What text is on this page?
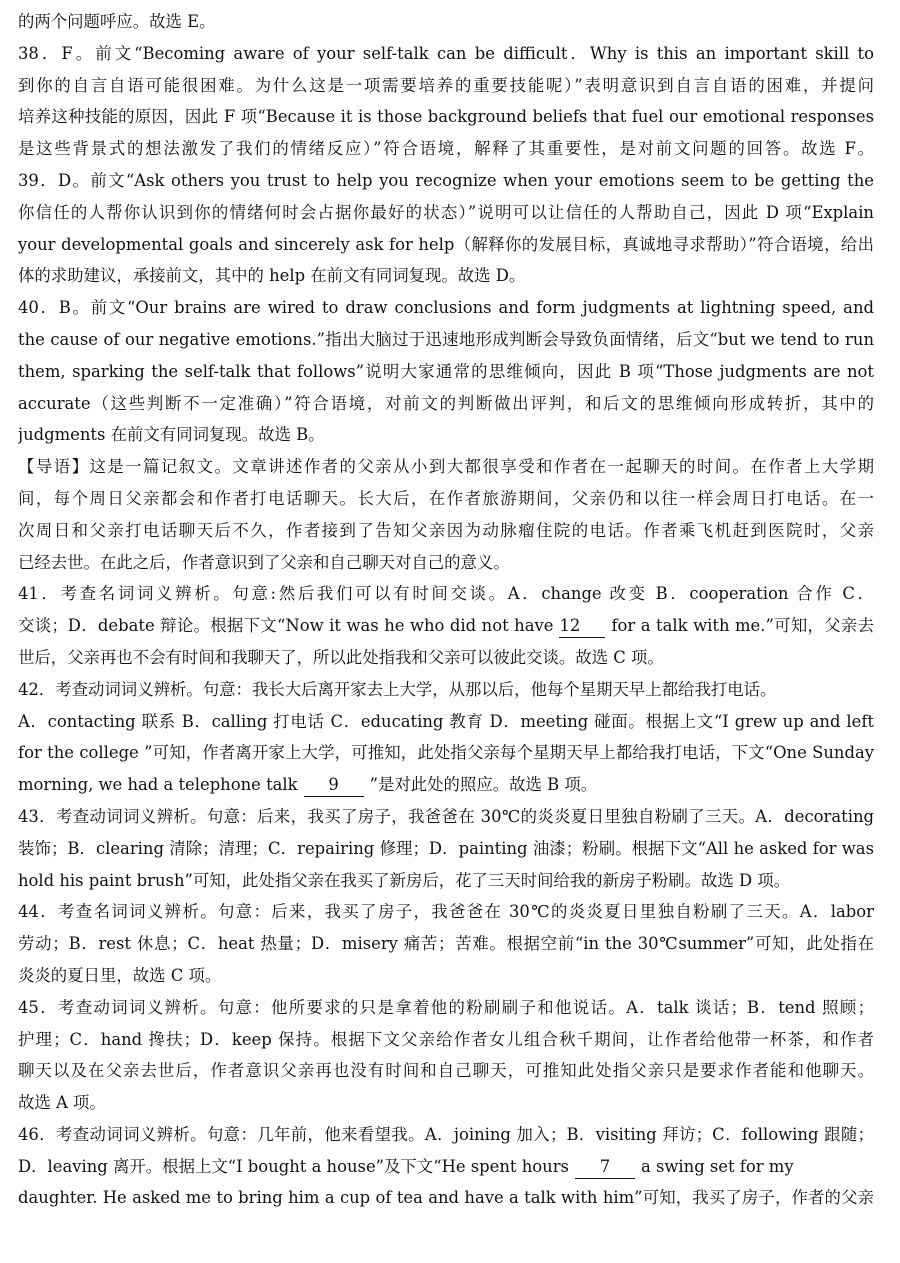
的两个问题呼应。故选 E。
38．F。前文“Becoming aware of your self-talk can be difficult．Why is this an important skill to
到你的自言自语可能很困难。为什么这是一项需要培养的重要技能呢）”表明意识到自言自语的困难，并提问
培养这种技能的原因，因此 F 项“Because it is those background beliefs that fuel our emotional responses
是这些背景式的想法激发了我们的情绪反应）”符合语境，解释了其重要性，是对前文问题的回答。故选 F。
39．D。前文“Ask others you trust to help you recognize when your emotions seem to be getting the
你信任的人帮你认识到你的情绪何时会占据你最好的状态）”说明可以让信任的人帮助自己，因此 D 项“Explain
your developmental goals and sincerely ask for help（解释你的发展目标，真诚地寻求帮助）”符合语境，给出
体的求助建议，承接前文，其中的 help 在前文有同词复现。故选 D。
40．B。前文“Our brains are wired to draw conclusions and form judgments at lightning speed, and
the cause of our negative emotions.”指出大脑过于迅速地形成判断会导致负面情绪，后文“but we tend to run
them, sparking the self-talk that follows”说明大家通常的思维倾向，因此 B 项“Those judgments are not
accurate（这些判断不一定准确）”符合语境，对前文的判断做出评判，和后文的思维倾向形成转折，其中的
judgments 在前文有同词复现。故选 B。
【导语】这是一篇记叙文。文章讲述作者的父亲从小到大都很享受和作者在一起聊天的时间。在作者上大学期
间，每个周日父亲都会和作者打电话聊天。长大后，在作者旅游期间，父亲仍和以往一样会周日打电话。在一
次周日和父亲打电话聊天后不久，作者接到了告知父亲因为动脉瘤住院的电话。作者乘飞机赶到医院时，父亲
已经去世。在此之后，作者意识到了父亲和自己聊天对自己的意义。
41．考查名词词义辨析。句意:然后我们可以有时间交谈。A．change 改变 B．cooperation 合作 C．
交谈；D．debate 辩论。根据下文“Now it was he who did not have 12 for a talk with me.”可知，父亲去
世后，父亲再也不会有时间和我聊天了，所以此处指我和父亲可以彼此交谈。故选 C 项。
42．考查动词词义辨析。句意：我长大后离开家去上大学，从那以后，他每个星期天早上都给我打电话。
A．contacting 联系 B．calling 打电话 C．educating 教育 D．meeting 碰面。根据上文“I grew up and left
for the college ”可知，作者离开家上大学，可推知，此处指父亲每个星期天早上都给我打电话，下文“One Sunday
morning, we had a telephone talk 9 ”是对此处的照应。故选 B 项。
43．考查动词词义辨析。句意：后来，我买了房子，我爸爸在 30℃的炎炎夏日里独自粉刷了三天。A．decorating
装饰；B．clearing 清除；清理；C．repairing 修理；D．painting 油漆；粉刷。根据下文“All he asked for was
hold his paint brush”可知，此处指父亲在我买了新房后，花了三天时间给我的新房子粉刷。故选 D 项。
44．考查名词词义辨析。句意：后来，我买了房子，我爸爸在 30℃的炎炎夏日里独自粉刷了三天。A．labor
劳动；B．rest 休息；C．heat 热量；D．misery 痛苦；苦难。根据空前“in the 30℃summer”可知，此处指在
炎炎的夏日里，故选 C 项。
45．考查动词词义辨析。句意：他所要求的只是拿着他的粉刷刷子和他说话。A．talk 谈话；B．tend 照顾；
护理；C．hand 搀扶；D．keep 保持。根据下文父亲给作者女儿组合秋千期间，让作者给他带一杯茶，和作者
聊天以及在父亲去世后，作者意识父亲再也没有时间和自己聊天，可推知此处指父亲只是要求作者能和他聊天。
故选 A 项。
46．考查动词词义辨析。句意：几年前，他来看望我。A．joining 加入；B．visiting 拜访；C．following 跟随；
D．leaving 离开。根据上文“I bought a house”及下文“He spent hours 7 a swing set for my
daughter. He asked me to bring him a cup of tea and have a talk with him”可知，我买了房子，作者的父亲
